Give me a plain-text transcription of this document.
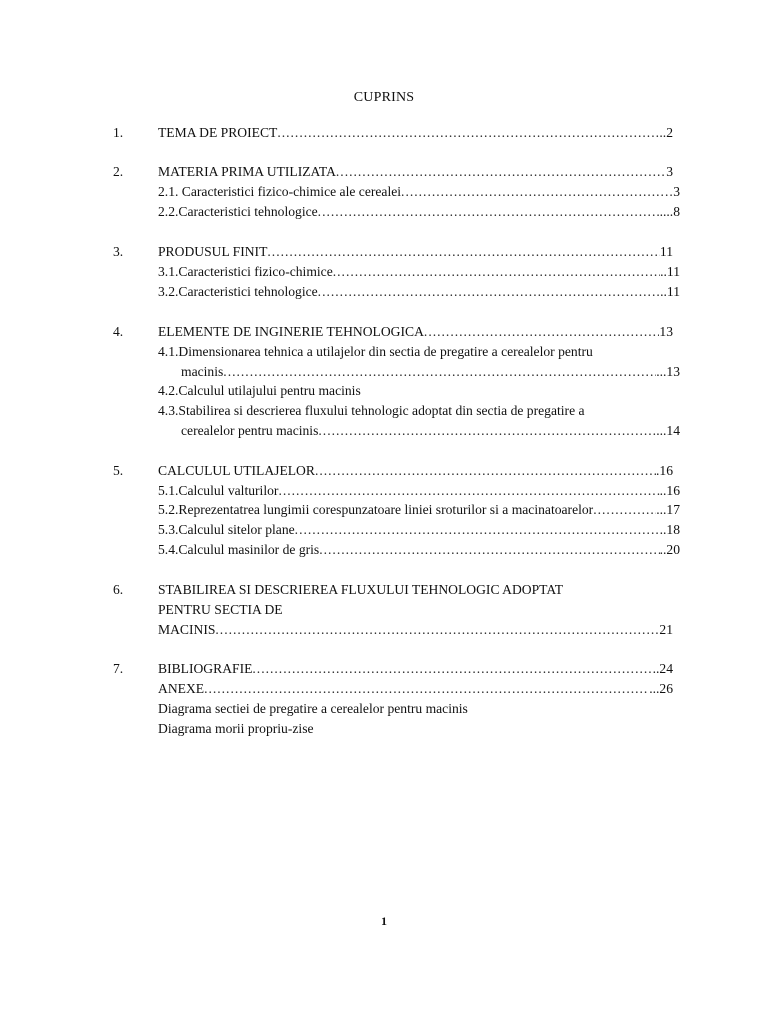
CUPRINS
1.	TEMA DE PROIECT .....	..2
2.	MATERIA PRIMA UTILIZATA .....	3
2.1. Caracteristici fizico-chimice ale cerealei .....	3
2.2.Caracteristici tehnologice .....	....8
3.	PRODUSUL FINIT .....	11
3.1.Caracteristici fizico-chimice .....	..11
3.2.Caracteristici tehnologice .....	..11
4.	ELEMENTE DE INGINERIE TEHNOLOGICA .....	13
4.1.Dimensionarea tehnica a utilajelor din sectia de pregatire a cerealelor pentru
macinis .....	...13
4.2.Calculul utilajului pentru macinis
4.3.Stabilirea si descrierea fluxului tehnologic adoptat din sectia de pregatire a
cerealelor pentru macinis .....	...14
5.	CALCULUL UTILAJELOR .....	.16
5.1.Calculul valturilor .....	..16
5.2.Reprezentatrea lungimii corespunzatoare liniei sroturilor si a macinatoarelor .....	...17
5.3.Calculul sitelor plane .....	..18
5.4.Calculul masinilor de gris .....	..20
6.	STABILIREA SI DESCRIEREA FLUXULUI TEHNOLOGIC ADOPTAT
PENTRU SECTIA DE
MACINIS .....	21
7.	BIBLIOGRAFIE .....	..24
ANEXE .....	...26
Diagrama sectiei de pregatire a cerealelor pentru macinis
Diagrama morii propriu-zise
1
